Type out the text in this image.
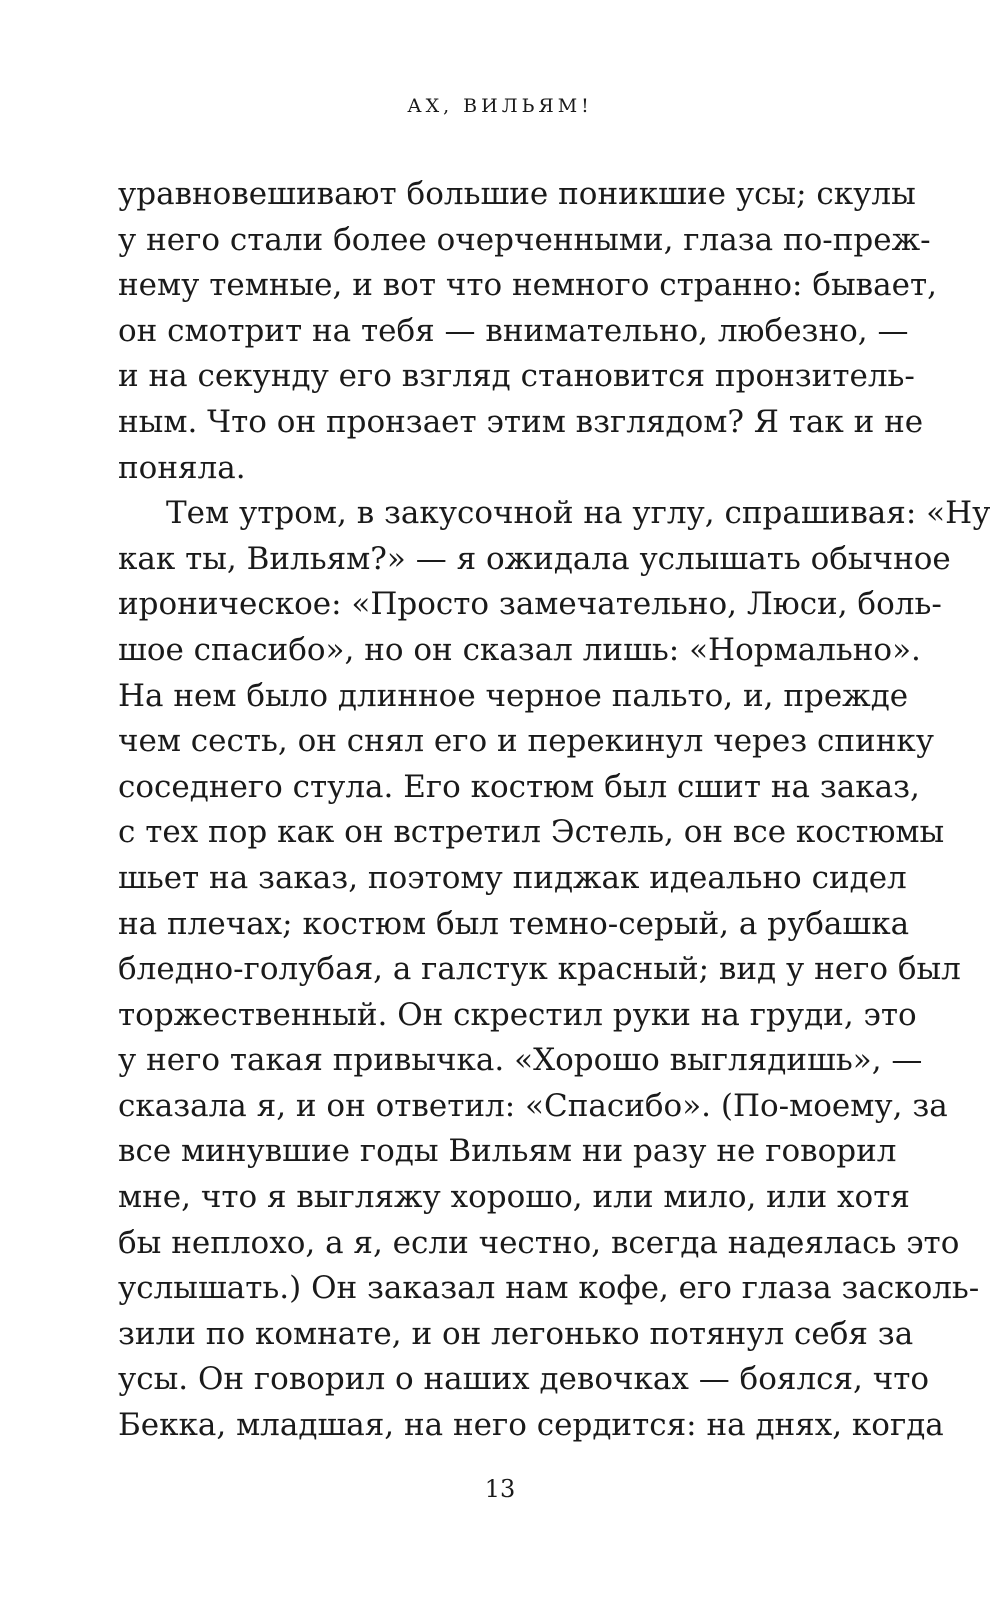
АХ, ВИЛЬЯМ!
уравновешивают большие поникшие усы; скулы
у него стали более очерченными, глаза по-преж-
нему темные, и вот что немного странно: бывает,
он смотрит на тебя — внимательно, любезно, —
и на секунду его взгляд становится пронзитель-
ным. Что он пронзает этим взглядом? Я так и не
поняла.
Тем утром, в закусочной на углу, спрашивая: «Ну
как ты, Вильям?» — я ожидала услышать обычное
ироническое: «Просто замечательно, Люси, боль-
шое спасибо», но он сказал лишь: «Нормально».
На нем было длинное черное пальто, и, прежде
чем сесть, он снял его и перекинул через спинку
соседнего стула. Его костюм был сшит на заказ,
с тех пор как он встретил Эстель, он все костюмы
шьет на заказ, поэтому пиджак идеально сидел
на плечах; костюм был темно-серый, а рубашка
бледно-голубая, а галстук красный; вид у него был
торжественный. Он скрестил руки на груди, это
у него такая привычка. «Хорошо выглядишь», —
сказала я, и он ответил: «Спасибо». (По-моему, за
все минувшие годы Вильям ни разу не говорил
мне, что я выгляжу хорошо, или мило, или хотя
бы неплохо, а я, если честно, всегда надеялась это
услышать.) Он заказал нам кофе, его глаза засколь-
зили по комнате, и он легонько потянул себя за
усы. Он говорил о наших девочках — боялся, что
Бекка, младшая, на него сердится: на днях, когда
13
